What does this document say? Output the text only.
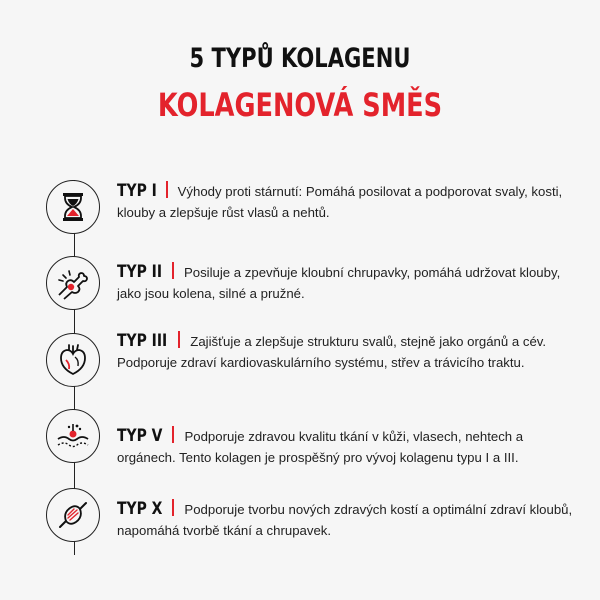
5 TYPŮ KOLAGENU
KOLAGENOVÁ SMĚS
TYP I Výhody proti stárnutí: Pomáhá posilovat a podporovat svaly, kosti, klouby a zlepšuje růst vlasů a nehtů.
TYP II Posiluje a zpevňuje kloubní chrupavky, pomáhá udržovat klouby, jako jsou kolena, silné a pružné.
TYP III Zajišťuje a zlepšuje strukturu svalů, stejně jako orgánů a cév. Podporuje zdraví kardiovaskulárního systému, střev a trávicího traktu.
TYP V Podporuje zdravou kvalitu tkání v kůži, vlasech, nehtech a orgánech. Tento kolagen je prospěšný pro vývoj kolagenu typu I a III.
TYP X Podporuje tvorbu nových zdravých kostí a optimální zdraví kloubů, napomáhá tvorbě tkání a chrupavek.
